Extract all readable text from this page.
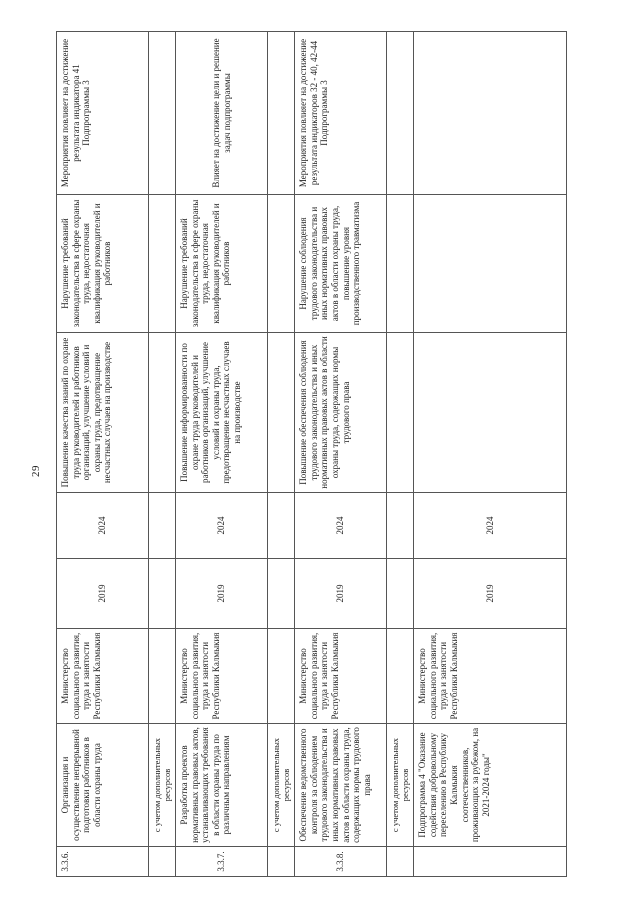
29
3.3.6.	Организация и осуществление непрерывной подготовки работников в области охраны труда	Министерство социального развития, труда и занятости Республики Калмыкия	2019	2024	Повышение качества знаний по охране труда руководителей и работников организаций, улучшение условий и охраны труда, предотвращение несчастных случаев на производстве	Нарушение требований законодательства в сфере охраны труда, недостаточная квалификация руководителей и работников	Мероприятия повлияет на достижение результата индикатора 41 Подпрограммы 3
	с учетом дополнительных ресурсов						
3.3.7.	Разработка проектов нормативных правовых актов, устанавливающих требования в области охраны труда по различным направлениям	Министерство социального развития, труда и занятости Республики Калмыкия	2019	2024	Повышение информированности по охране труда руководителей и работников организаций, улучшение условий и охраны труда, предотвращение несчастных случаев на производстве	Нарушение требований законодательства в сфере охраны труда, недостаточная квалификация руководителей и работников	Влияет на достижение цели и решение задач подпрограммы
	с учетом дополнительных ресурсов						
3.3.8.	Обеспечение ведомственного контроля за соблюдением трудового законодательства и иных нормативных правовых актов в области охраны труда, содержащих нормы трудового права	Министерство социального развития, труда и занятости Республики Калмыкия	2019	2024	Повышение обеспечения соблюдения трудового законодательства и иных нормативных правовых актов в области охраны труда, содержащих нормы трудового права	Нарушение соблюдения трудового законодательства и иных нормативных правовых актов в области охраны труда, повышение уровня производственного травматизма	Мероприятия повлияет на достижение результата индикаторов 32 - 40, 42-44 Подпрограммы 3
	с учетом дополнительных ресурсов						
	Подпрограмма 4 "Оказание содействия добровольному переселению в Республику Калмыкия соотечественников, проживающих за рубежом, на 2021-2024 годы"	Министерство социального развития, труда и занятости Республики Калмыкия	2019	2024			
